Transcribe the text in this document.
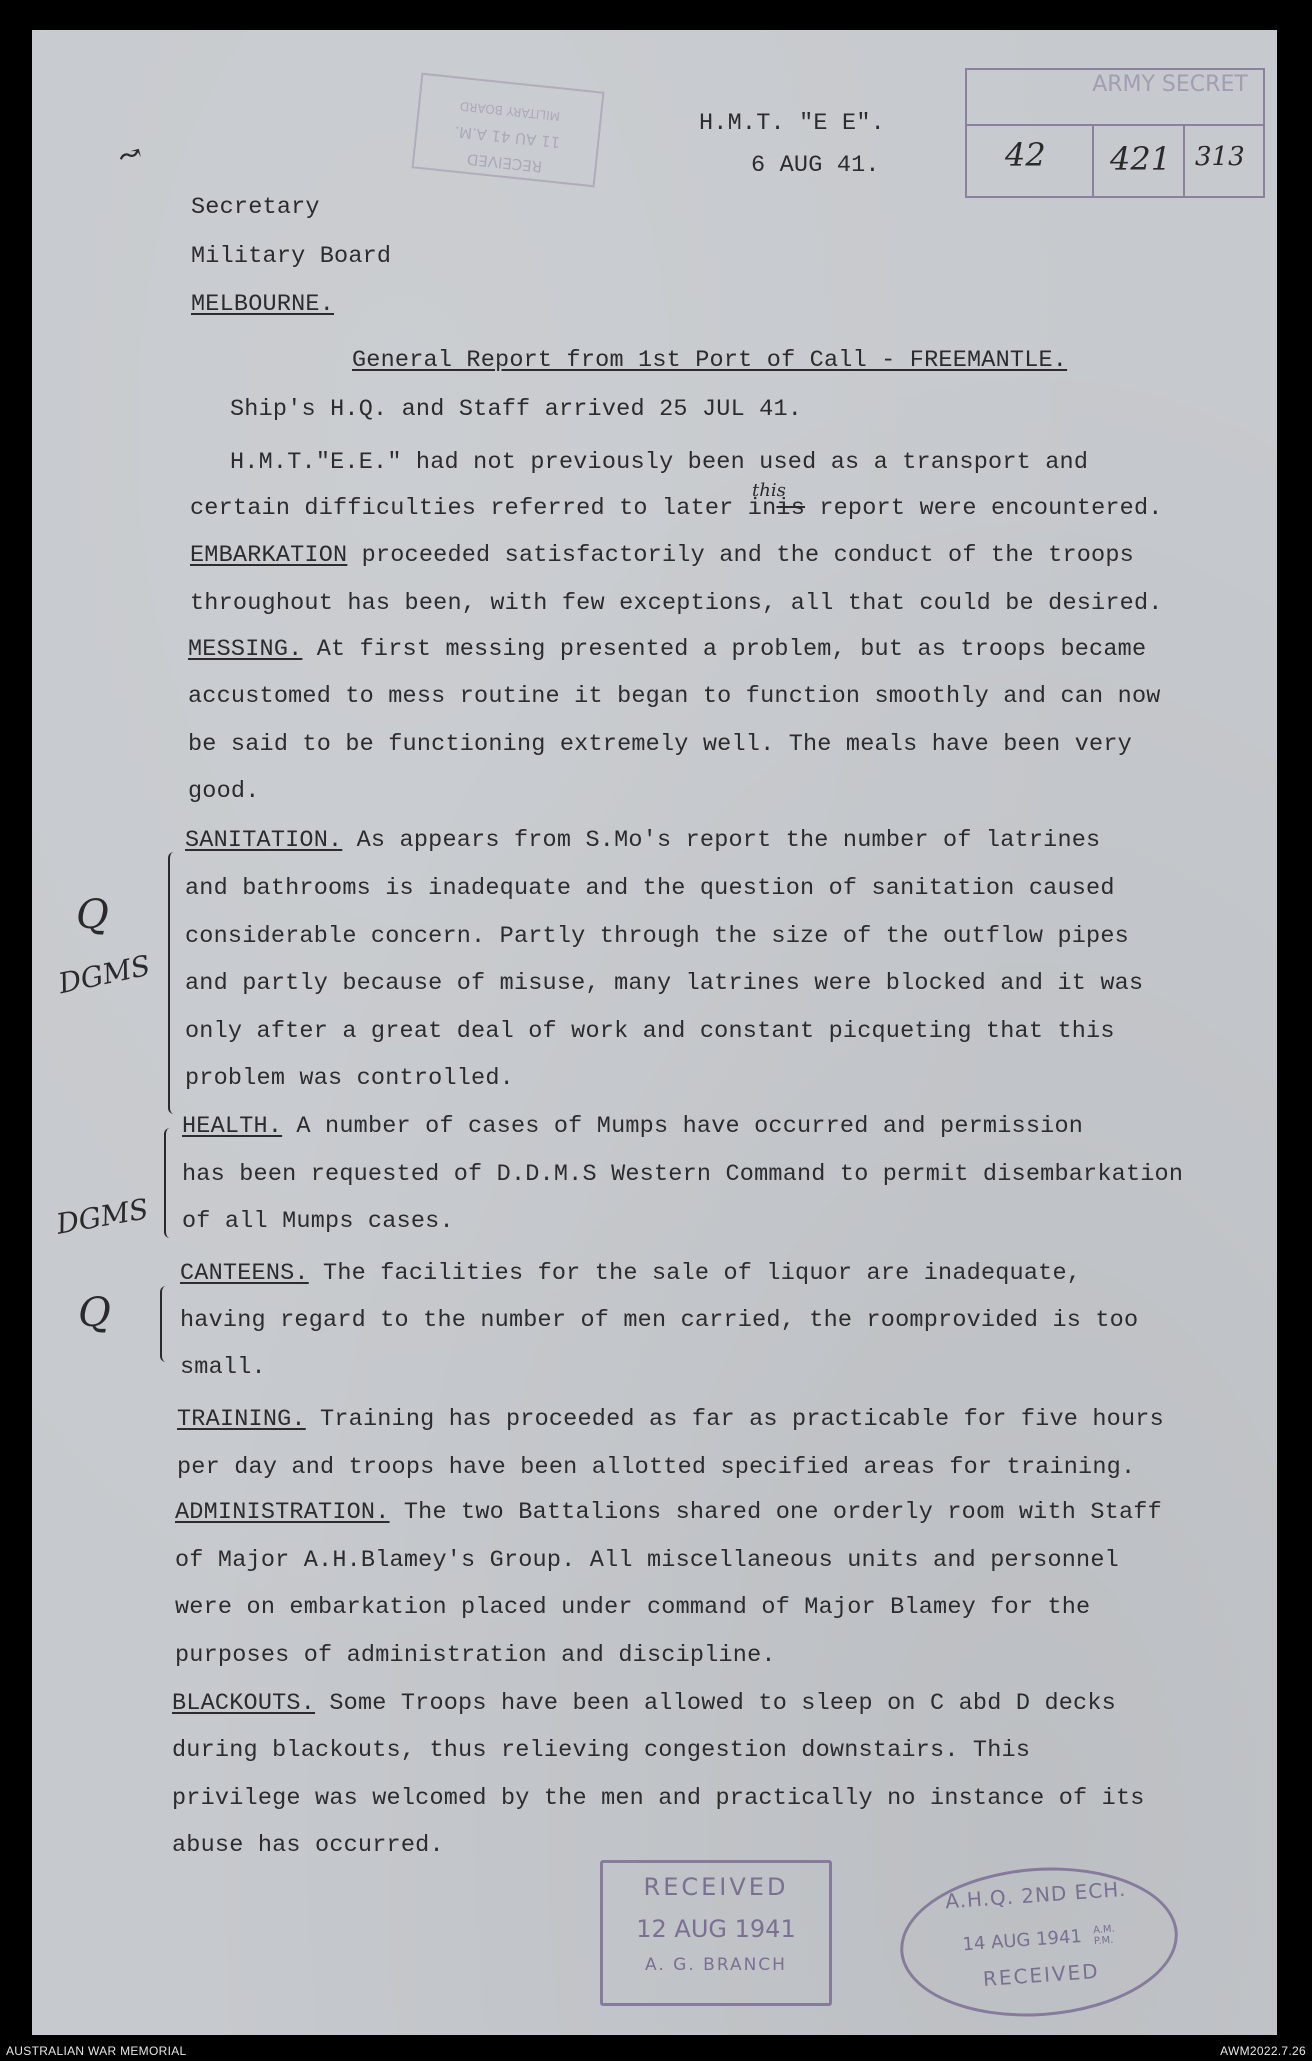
H.M.T. "E E".
6 AUG 41.
ARMY SECRET
42 421 313
RECEIVED
11 AU 41 A.M.
MILITARY BOARD
↝
Secretary
Military Board
MELBOURNE.
General Report from 1st Port of Call - FREEMANTLE.
Ship's H.Q. and Staff arrived 25 JUL 41.
H.M.T."E.E." had not previously been used as a transport and
certain difficulties referred to later inis report were encountered.
this
EMBARKATION proceeded satisfactorily and the conduct of the troops
throughout has been, with few exceptions, all that could be desired.
MESSING. At first messing presented a problem, but as troops became
accustomed to mess routine it began to function smoothly and can now
be said to be functioning extremely well. The meals have been very
good.
SANITATION. As appears from S.Mo's report the number of latrines
and bathrooms is inadequate and the question of sanitation caused
considerable concern. Partly through the size of the outflow pipes
and partly because of misuse, many latrines were blocked and it was
only after a great deal of work and constant picqueting that this
problem was controlled.
HEALTH. A number of cases of Mumps have occurred and permission
has been requested of D.D.M.S Western Command to permit disembarkation
of all Mumps cases.
CANTEENS. The facilities for the sale of liquor are inadequate,
having regard to the number of men carried, the roomprovided is too
small.
TRAINING. Training has proceeded as far as practicable for five hours
per day and troops have been allotted specified areas for training.
ADMINISTRATION. The two Battalions shared one orderly room with Staff
of Major A.H.Blamey's Group. All miscellaneous units and personnel
were on embarkation placed under command of Major Blamey for the
purposes of administration and discipline.
BLACKOUTS. Some Troops have been allowed to sleep on C abd D decks
during blackouts, thus relieving congestion downstairs. This
privilege was welcomed by the men and practically no instance of its
abuse has occurred.
Q
DGMS
DGMS
Q
RECEIVED
12 AUG 1941
A. G. BRANCH
A.H.Q. 2ND ECH.
14 AUG 1941 A.M.
P.M.
RECEIVED
AUSTRALIAN WAR MEMORIAL	AWM2022.7.26
